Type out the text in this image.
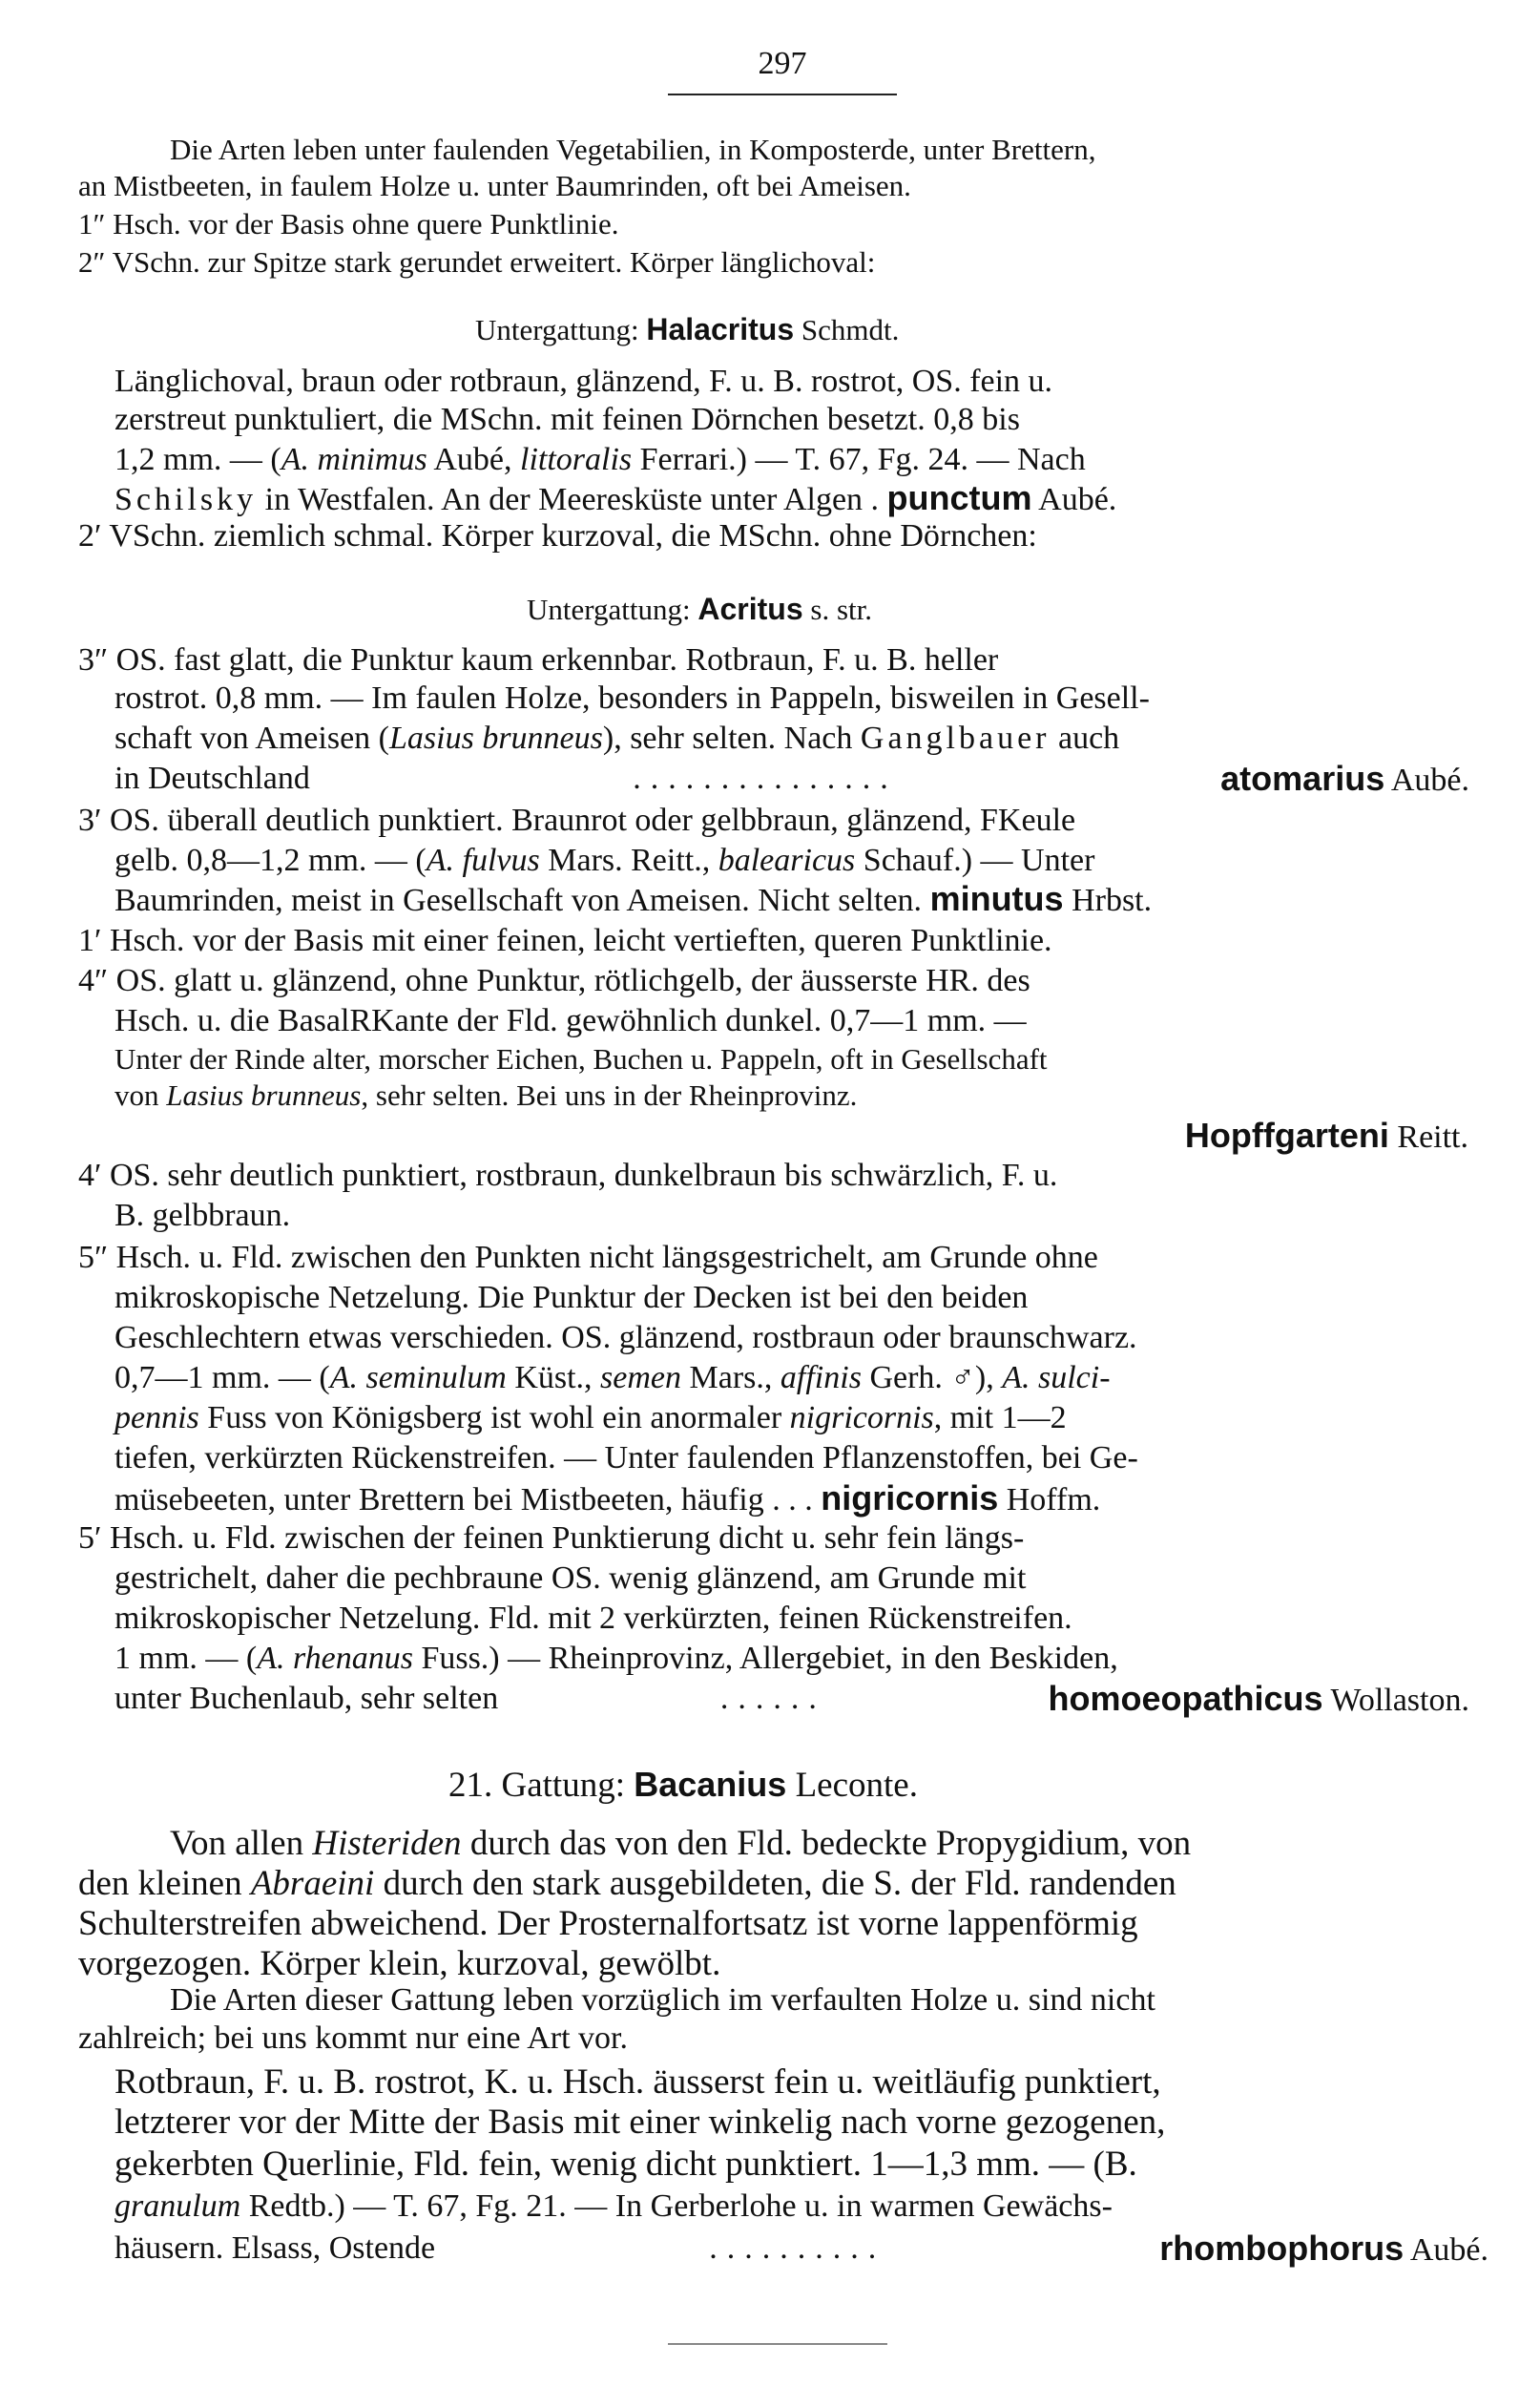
297
Die Arten leben unter faulenden Vegetabilien, in Komposterde, unter Brettern,
an Mistbeeten, in faulem Holze u. unter Baumrinden, oft bei Ameisen.
1″ Hsch. vor der Basis ohne quere Punktlinie.
2″ VSchn. zur Spitze stark gerundet erweitert. Körper länglichoval:
Untergattung: Halacritus Schmdt.
Länglichoval, braun oder rotbraun, glänzend, F. u. B. rostrot, OS. fein u.
zerstreut punktuliert, die MSchn. mit feinen Dörnchen besetzt. 0,8 bis
1,2 mm. — (A. minimus Aubé, littoralis Ferrari.) — T. 67, Fg. 24. — Nach
Schilsky in Westfalen. An der Meeresküste unter Algen . punctum Aubé.
2′ VSchn. ziemlich schmal. Körper kurzoval, die MSchn. ohne Dörnchen:
Untergattung: Acritus s. str.
3″ OS. fast glatt, die Punktur kaum erkennbar. Rotbraun, F. u. B. heller
rostrot. 0,8 mm. — Im faulen Holze, besonders in Pappeln, bisweilen in Gesell-
schaft von Ameisen (Lasius brunneus), sehr selten. Nach Ganglbauer auch
in Deutschland	...............	atomarius Aubé.
3′ OS. überall deutlich punktiert. Braunrot oder gelbbraun, glänzend, FKeule
gelb. 0,8—1,2 mm. — (A. fulvus Mars. Reitt., balearicus Schauf.) — Unter
Baumrinden, meist in Gesellschaft von Ameisen. Nicht selten. minutus Hrbst.
1′ Hsch. vor der Basis mit einer feinen, leicht vertieften, queren Punktlinie.
4″ OS. glatt u. glänzend, ohne Punktur, rötlichgelb, der äusserste HR. des
Hsch. u. die BasalRKante der Fld. gewöhnlich dunkel. 0,7—1 mm. —
Unter der Rinde alter, morscher Eichen, Buchen u. Pappeln, oft in Gesellschaft
von Lasius brunneus, sehr selten. Bei uns in der Rheinprovinz.
Hopffgarteni Reitt.
4′ OS. sehr deutlich punktiert, rostbraun, dunkelbraun bis schwärzlich, F. u.
B. gelbbraun.
5″ Hsch. u. Fld. zwischen den Punkten nicht längsgestrichelt, am Grunde ohne
mikroskopische Netzelung. Die Punktur der Decken ist bei den beiden
Geschlechtern etwas verschieden. OS. glänzend, rostbraun oder braunschwarz.
0,7—1 mm. — (A. seminulum Küst., semen Mars., affinis Gerh. ♂), A. sulci-
pennis Fuss von Königsberg ist wohl ein anormaler nigricornis, mit 1—2
tiefen, verkürzten Rückenstreifen. — Unter faulenden Pflanzenstoffen, bei Ge-
müsebeeten, unter Brettern bei Mistbeeten, häufig . . . nigricornis Hoffm.
5′ Hsch. u. Fld. zwischen der feinen Punktierung dicht u. sehr fein längs-
gestrichelt, daher die pechbraune OS. wenig glänzend, am Grunde mit
mikroskopischer Netzelung. Fld. mit 2 verkürzten, feinen Rückenstreifen.
1 mm. — (A. rhenanus Fuss.) — Rheinprovinz, Allergebiet, in den Beskiden,
unter Buchenlaub, sehr selten	......	homoeopathicus Wollaston.
21. Gattung: Bacanius Leconte.
Von allen Histeriden durch das von den Fld. bedeckte Propygidium, von
den kleinen Abraeini durch den stark ausgebildeten, die S. der Fld. randenden
Schulterstreifen abweichend. Der Prosternalfortsatz ist vorne lappenförmig
vorgezogen. Körper klein, kurzoval, gewölbt.
Die Arten dieser Gattung leben vorzüglich im verfaulten Holze u. sind nicht
zahlreich; bei uns kommt nur eine Art vor.
Rotbraun, F. u. B. rostrot, K. u. Hsch. äusserst fein u. weitläufig punktiert,
letzterer vor der Mitte der Basis mit einer winkelig nach vorne gezogenen,
gekerbten Querlinie, Fld. fein, wenig dicht punktiert. 1—1,3 mm. — (B.
granulum Redtb.) — T. 67, Fg. 21. — In Gerberlohe u. in warmen Gewächs-
häusern. Elsass, Ostende	..........	rhombophorus Aubé.
